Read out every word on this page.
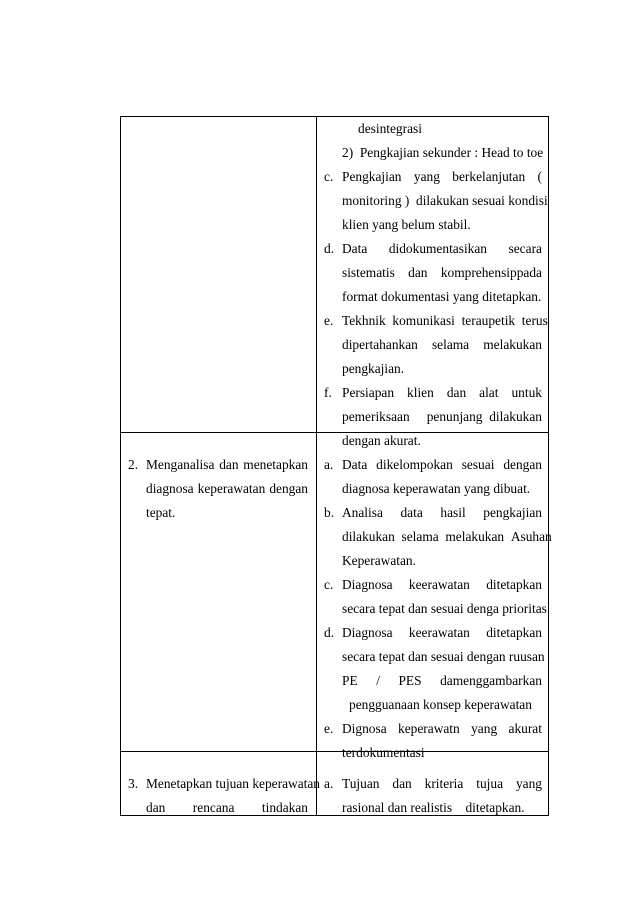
desintegrasi
2)  Pengkajian sekunder : Head to toe
c. Pengkajian yang berkelanjutan (
monitoring )  dilakukan sesuai kondisi
klien yang belum stabil.
d. Data didokumentasikan secara
sistematis dan komprehensippada
format dokumentasi yang ditetapkan.
e. Tekhnik  komunikasi  teraupetik  terus
dipertahankan selama melakukan
pengkajian.
f. Persiapan klien dan alat untuk
pemeriksaan penunjang  dilakukan
dengan akurat.
2. Menganalisa dan menetapkan
diagnosa keperawatan dengan
tepat.
a. Data dikelompokan sesuai dengan
diagnosa keperawatan yang dibuat.
b. Analisa data hasil pengkajian
dilakukan  selama  melakukan  Asuhan
Keperawatan.
c. Diagnosa keerawatan ditetapkan
secara tepat dan sesuai denga prioritas
d. Diagnosa keerawatan ditetapkan
secara tepat dan sesuai dengan ruusan
PE / PES damenggambarkan
pengguanaan konsep keperawatan
e. Dignosa keperawatn yang akurat
terdokumentasi
3. Menetapkan tujuan keperawatan
dan rencana tindakan
a. Tujuan dan kriteria tujua yang
rasional dan realistis    ditetapkan.
